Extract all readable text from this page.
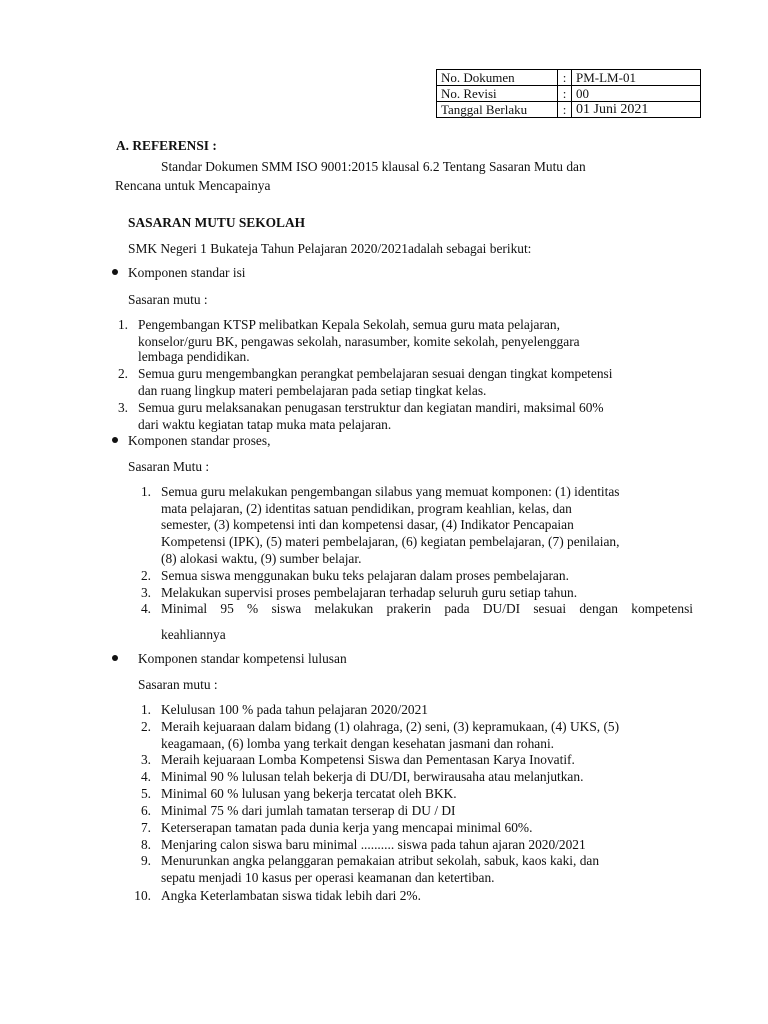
No. Dokumen	:	PM-LM-01
No. Revisi	:	00
Tanggal Berlaku	:	01 Juni 2021
A. REFERENSI :
Standar Dokumen SMM ISO 9001:2015 klausal 6.2 Tentang Sasaran Mutu dan
Rencana untuk Mencapainya
SASARAN MUTU SEKOLAH
SMK Negeri 1 Bukateja Tahun Pelajaran 2020/2021adalah sebagai berikut:
Komponen standar isi
Sasaran mutu :
1. Pengembangan KTSP melibatkan Kepala Sekolah, semua guru mata pelajaran,
konselor/guru BK, pengawas sekolah, narasumber, komite sekolah, penyelenggara
lembaga pendidikan.
2. Semua guru mengembangkan perangkat pembelajaran sesuai dengan tingkat kompetensi
dan ruang lingkup materi pembelajaran pada setiap tingkat kelas.
3. Semua guru melaksanakan penugasan terstruktur dan kegiatan mandiri, maksimal 60%
dari waktu kegiatan tatap muka mata pelajaran.
Komponen standar proses,
Sasaran Mutu :
1. Semua guru melakukan pengembangan silabus yang memuat komponen: (1) identitas
mata pelajaran, (2) identitas satuan pendidikan, program keahlian, kelas, dan
semester, (3) kompetensi inti dan kompetensi dasar, (4) Indikator Pencapaian
Kompetensi (IPK), (5) materi pembelajaran, (6) kegiatan pembelajaran, (7) penilaian,
(8) alokasi waktu, (9) sumber belajar.
2. Semua siswa menggunakan buku teks pelajaran dalam proses pembelajaran.
3. Melakukan supervisi proses pembelajaran terhadap seluruh guru setiap tahun.
4. Minimal 95 % siswa melakukan prakerin pada DU/DI sesuai dengan kompetensi
keahliannya
Komponen standar kompetensi lulusan
Sasaran mutu :
1. Kelulusan 100 % pada tahun pelajaran 2020/2021
2. Meraih kejuaraan dalam bidang (1) olahraga, (2) seni, (3) kepramukaan, (4) UKS, (5)
keagamaan, (6) lomba yang terkait dengan kesehatan jasmani dan rohani.
3. Meraih kejuaraan Lomba Kompetensi Siswa dan Pementasan Karya Inovatif.
4. Minimal 90 % lulusan telah bekerja di DU/DI, berwirausaha atau melanjutkan.
5. Minimal 60 % lulusan yang bekerja tercatat oleh BKK.
6. Minimal 75 % dari jumlah tamatan terserap di DU / DI
7. Keterserapan tamatan pada dunia kerja yang mencapai minimal 60%.
8. Menjaring calon siswa baru minimal .......... siswa pada tahun ajaran 2020/2021
9. Menurunkan angka pelanggaran pemakaian atribut sekolah, sabuk, kaos kaki, dan
sepatu menjadi 10 kasus per operasi keamanan dan ketertiban.
10. Angka Keterlambatan siswa tidak lebih dari 2%.
